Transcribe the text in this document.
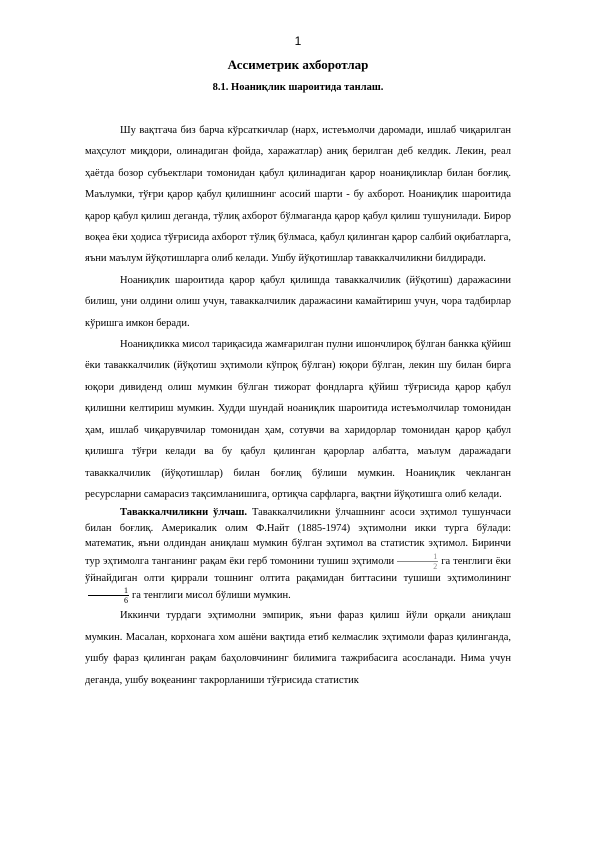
1
Ассиметрик ахборотлар
8.1. Ноаниқлик шароитида танлаш.

Шу вақтгача биз барча кўрсаткичлар (нарх, истеъмолчи даромади, ишлаб чиқарилган маҳсулот миқдори, олинадиган фойда, харажатлар) аниқ берилган деб келдик. Лекин, реал ҳаётда бозор субъектлари томонидан қабул қилинадиган қарор ноаниқликлар билан боғлиқ. Маълумки, тўғри қарор қабул қилишнинг асосий шарти - бу ахборот. Ноаниқлик шароитида қарор қабул қилиш деганда, тўлиқ ахборот бўлмаганда қарор қабул қилиш тушунилади. Бирор воқеа ёки ҳодиса тўғрисида ахборот тўлиқ бўлмаса, қабул қилинган қарор салбий оқибатларга, яъни маълум йўқотишларга олиб келади. Ушбу йўқотишлар таваккалчиликни билдиради.

Ноаниқлик шароитида қарор қабул қилишда таваккалчилик (йўқотиш) даражасини билиш, уни олдини олиш учун, таваккалчилик даражасини камайтириш учун, чора тадбирлар кўришга имкон беради.

Ноаниқликка мисол тариқасида жамғарилган пулни ишончлироқ бўлган банкка қўйиш ёки таваккалчилик (йўқотиш эҳтимоли кўпроқ бўлган) юқори бўлган, лекин шу билан бирга юқори дивиденд олиш мумкин бўлган тижорат фондларга қўйиш тўғрисида қарор қабул қилишни келтириш мумкин. Худди шундай ноаниқлик шароитида истеъмолчилар томонидан ҳам, ишлаб чиқарувчилар томонидан ҳам, сотувчи ва харидорлар томонидан қарор қабул қилишга тўғри келади ва бу қабул қилинган қарорлар албатта, маълум даражадаги таваккалчилик (йўқотишлар) билан боғлиқ бўлиши мумкин. Ноаниқлик чекланган ресурсларни самарасиз тақсимланишига, ортиқча сарфларга, вақтни йўқотишга олиб келади.

Таваккалчиликни ўлчаш. Таваккалчиликни ўлчашнинг асоси эҳтимол тушунчаси билан боғлиқ. Америкалик олим Ф.Найт (1885-1974) эҳтимолни икки турга бўлади: математик, яъни олдиндан аниқлаш мумкин бўлган эҳтимол ва статистик эҳтимол. Биринчи тур эҳтимолга танганинг рақам ёки герб томонини тушиш эҳтимоли $\frac{1}{2}$ га тенглиги ёки ўйнайдиган олти қиррали тошнинг олтита рақамидан биттасини тушиши эҳтимолининг
$\frac{1}{6}$ га тенглиги мисол бўлиши мумкин.

Иккинчи турдаги эҳтимолни эмпирик, яъни фараз қилиш йўли орқали аниқлаш мумкин. Масалан, корхонага хом ашёни вақтида етиб келмаслик эҳтимоли фараз қилинганда, ушбу фараз қилинган рақам баҳоловчининг билимига тажрибасига асосланади. Нима учун деганда, ушбу воқеанинг такрорланиши тўғрисида статистик
